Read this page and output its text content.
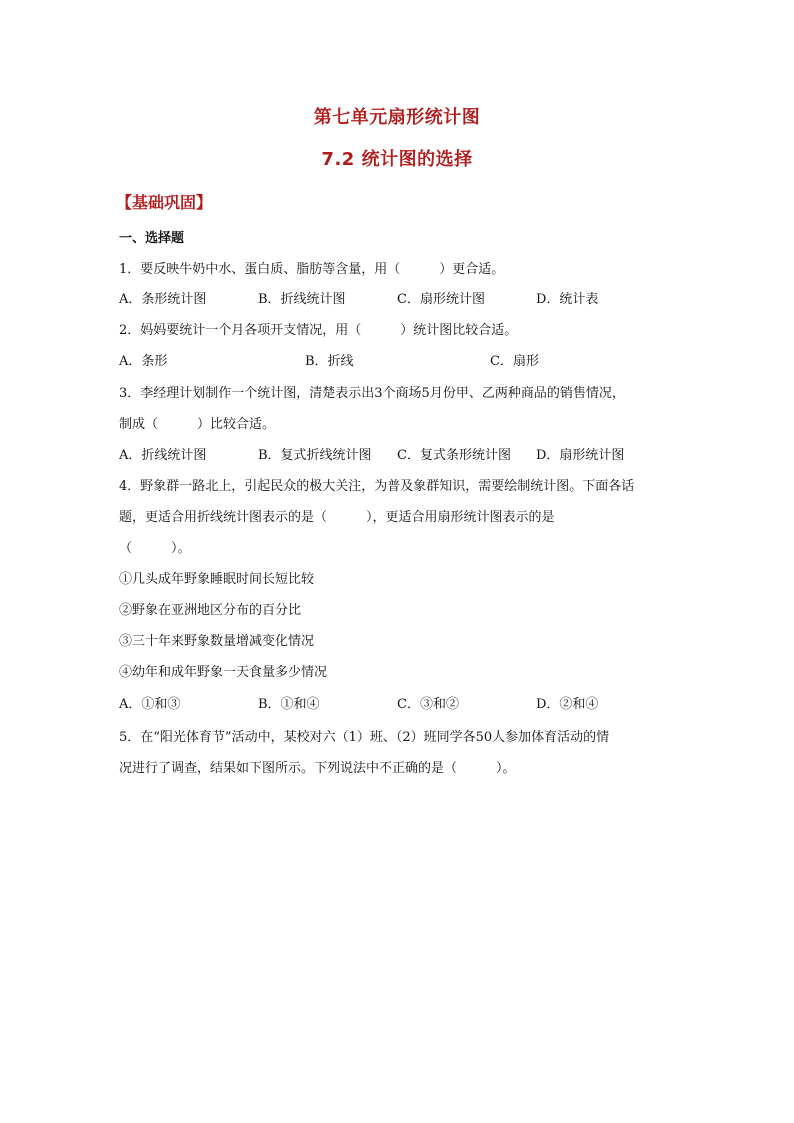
第七单元扇形统计图
7.2 统计图的选择
【基础巩固】
一、选择题
1．要反映牛奶中水、蛋白质、脂肪等含量，用（　　　）更合适。
A．条形统计图	B．折线统计图	C．扇形统计图	D．统计表
2．妈妈要统计一个月各项开支情况，用（　　　）统计图比较合适。
A．条形	B．折线	C．扇形
3．李经理计划制作一个统计图，清楚表示出3个商场5月份甲、乙两种商品的销售情况，
制成（　　　）比较合适。
A．折线统计图	B．复式折线统计图 C．复式条形统计图 D．扇形统计图
4．野象群一路北上，引起民众的极大关注，为普及象群知识，需要绘制统计图。下面各话
题，更适合用折线统计图表示的是（　　　），更适合用扇形统计图表示的是
（　　　）。
①几头成年野象睡眠时间长短比较
②野象在亚洲地区分布的百分比
③三十年来野象数量增减变化情况
④幼年和成年野象一天食量多少情况
A．①和③	B．①和④	C．③和②	D．②和④
5．在“阳光体育节”活动中，某校对六（1）班、（2）班同学各50人参加体育活动的情
况进行了调查，结果如下图所示。下列说法中不正确的是（　　　）。
